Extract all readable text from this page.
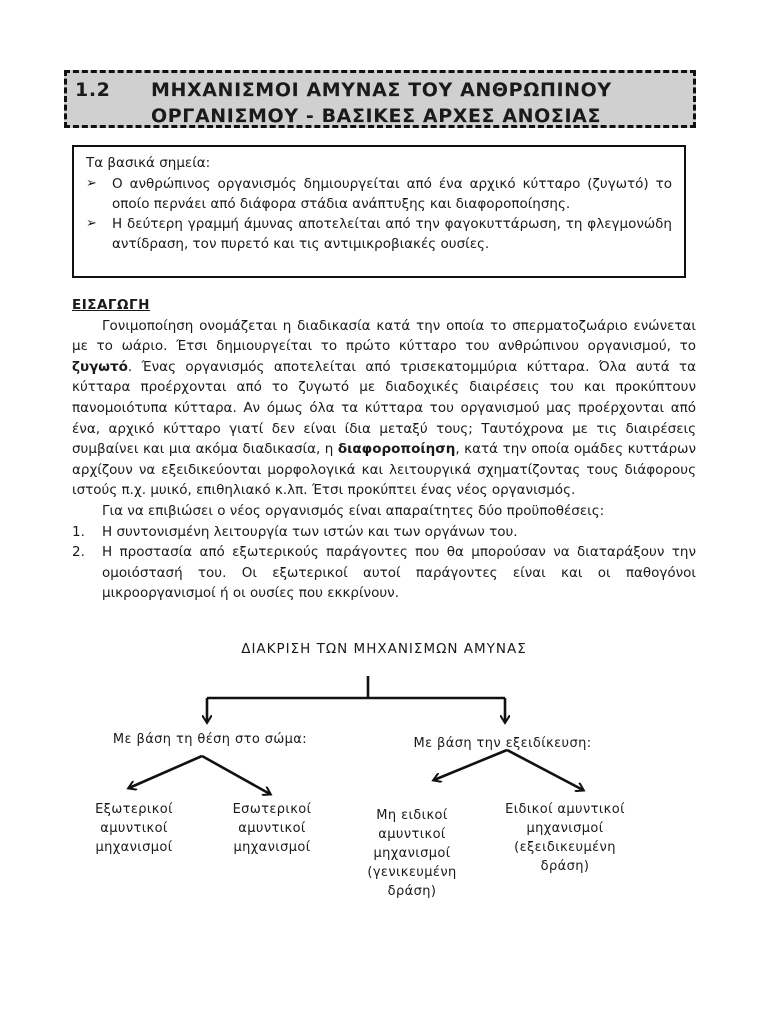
1.2 ΜΗΧΑΝΙΣΜΟΙ ΑΜΥΝΑΣ ΤΟΥ ΑΝΘΡΩΠΙΝΟΥ
ΟΡΓΑΝΙΣΜΟΥ - ΒΑΣΙΚΕΣ ΑΡΧΕΣ ΑΝΟΣΙΑΣ
Τα βασικά σημεία:
➢	Ο ανθρώπινος οργανισμός δημιουργείται από ένα αρχικό κύτταρο (ζυγωτό) το οποίο περνάει από διάφορα στάδια ανάπτυξης και διαφοροποίησης.
➢	Η δεύτερη γραμμή άμυνας αποτελείται από την φαγοκυττάρωση, τη φλεγμονώδη αντίδραση, τον πυρετό και τις αντιμικροβιακές ουσίες.
ΕΙΣΑΓΩΓΗ

Γονιμοποίηση ονομάζεται η διαδικασία κατά την οποία το σπερματοζωάριο ενώνεται με το ωάριο. Έτσι δημιουργείται το πρώτο κύτταρο του ανθρώπινου οργανισμού, το ζυγωτό. Ένας οργανισμός αποτελείται από τρισεκατομμύρια κύτταρα. Όλα αυτά τα κύτταρα προέρχονται από το ζυγωτό με διαδοχικές διαιρέσεις του και προκύπτουν πανομοιότυπα κύτταρα. Αν όμως όλα τα κύτταρα του οργανισμού μας προέρχονται από ένα, αρχικό κύτταρο γιατί δεν είναι ίδια μεταξύ τους; Ταυτόχρονα με τις διαιρέσεις συμβαίνει και μια ακόμα διαδικασία, η διαφοροποίηση, κατά την οποία ομάδες κυττάρων αρχίζουν να εξειδικεύονται μορφολογικά και λειτουργικά σχηματίζοντας τους διάφορους ιστούς π.χ. μυικό, επιθηλιακό κ.λπ. Έτσι προκύπτει ένας νέος οργανισμός.

Για να επιβιώσει ο νέος οργανισμός είναι απαραίτητες δύο προϋποθέσεις:

1.	Η συντονισμένη λειτουργία των ιστών και των οργάνων του.
2.	Η προστασία από εξωτερικούς παράγοντες που θα μπορούσαν να διαταράξουν την ομοιόστασή του. Οι εξωτερικοί αυτοί παράγοντες είναι και οι παθογόνοι μικροοργανισμοί ή οι ουσίες που εκκρίνουν.
ΔΙΑΚΡΙΣΗ ΤΩΝ ΜΗΧΑΝΙΣΜΩΝ ΑΜΥΝΑΣ
Με βάση τη θέση στο σώμα:	Με βάση την εξειδίκευση:
Εξωτερικοί
αμυντικοί
μηχανισμοί
Εσωτερικοί
αμυντικοί
μηχανισμοί
Μη ειδικοί
αμυντικοί
μηχανισμοί
(γενικευμένη
δράση)
Ειδικοί αμυντικοί
μηχανισμοί
(εξειδικευμένη
δράση)
